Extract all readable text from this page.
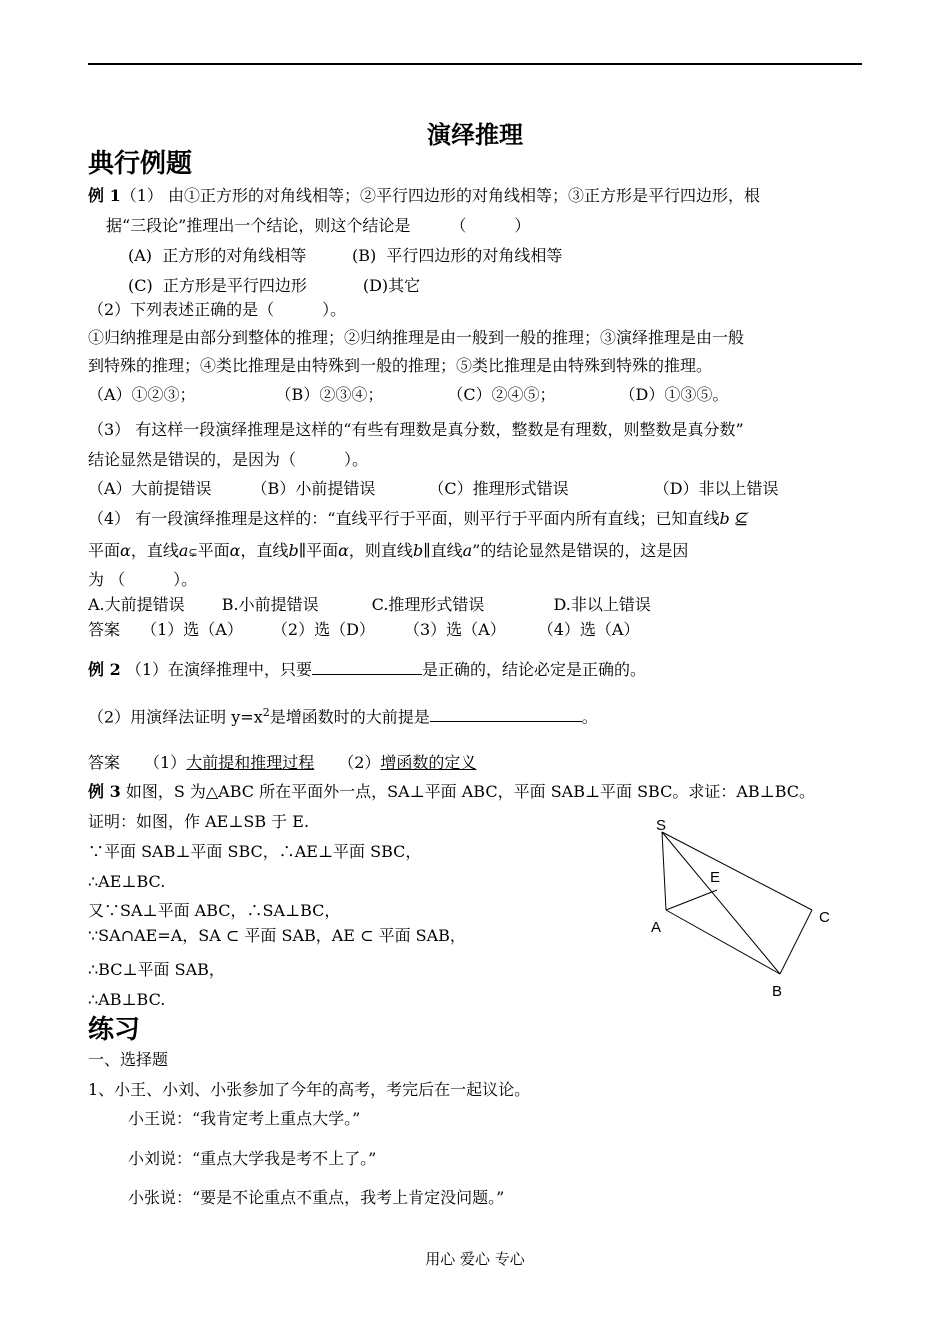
演绎推理
典行例题
例 1（1） 由①正方形的对角线相等；②平行四边形的对角线相等；③正方形是平行四边形，根
据“三段论”推理出一个结论，则这个结论是　　　（　　　）
(A)  正方形的对角线相等         (B)  平行四边形的对角线相等
(C)  正方形是平行四边形           (D)其它
（2）下列表述正确的是（　　　）。
①归纳推理是由部分到整体的推理；②归纳推理是由一般到一般的推理；③演绎推理是由一般
到特殊的推理；④类比推理是由特殊到一般的推理；⑤类比推理是由特殊到特殊的推理。
（A）①②③；　　　　　　（B）②③④；　　　　　（C）②④⑤；　　　　　（D）①③⑤。
（3） 有这样一段演绎推理是这样的“有些有理数是真分数，整数是有理数，则整数是真分数”
结论显然是错误的，是因为（　　　）。
（A）大前提错误　　　（B）小前提错误　　　 （C）推理形式错误　　　　　 （D）非以上错误
（4） 有一段演绎推理是这样的：“直线平行于平面，则平行于平面内所有直线；已知直线b ⊈
平面α，直线a⊊平面α，直线b∥平面α，则直线b∥直线a”的结论显然是错误的，这是因
为 （　　　）。
A.大前提错误　　 B.小前提错误　　　 C.推理形式错误　　　　 D.非以上错误
答案　 （1）选（A）　　 （2）选（D）　　 （3）选（A）　　　（4）选（A）
例 2 （1）在演绎推理中，只要	是正确的，结论必定是正确的。
（2）用演绎法证明 $y=x^2$是增函数时的大前提是	。
答案　　（1）大前提和推理过程　　（2）增函数的定义
例 3 如图，S 为△ABC 所在平面外一点，SA⊥平面 ABC，平面 SAB⊥平面 SBC。求证：AB⊥BC。
证明：如图，作 AE⊥SB 于 E.
∵平面 SAB⊥平面 SBC，∴AE⊥平面 SBC，
∴AE⊥BC.
又∵SA⊥平面 ABC，∴SA⊥BC，
∵SA∩AE=A，SA ⊂ 平面 SAB，AE ⊂ 平面 SAB，
∴BC⊥平面 SAB，
∴AB⊥BC.
S
E
A
C
B
练习
一、选择题
1、小王、小刘、小张参加了今年的高考，考完后在一起议论。
小王说：“我肯定考上重点大学。”
小刘说：“重点大学我是考不上了。”
小张说：“要是不论重点不重点，我考上肯定没问题。”
用心 爱心 专心
